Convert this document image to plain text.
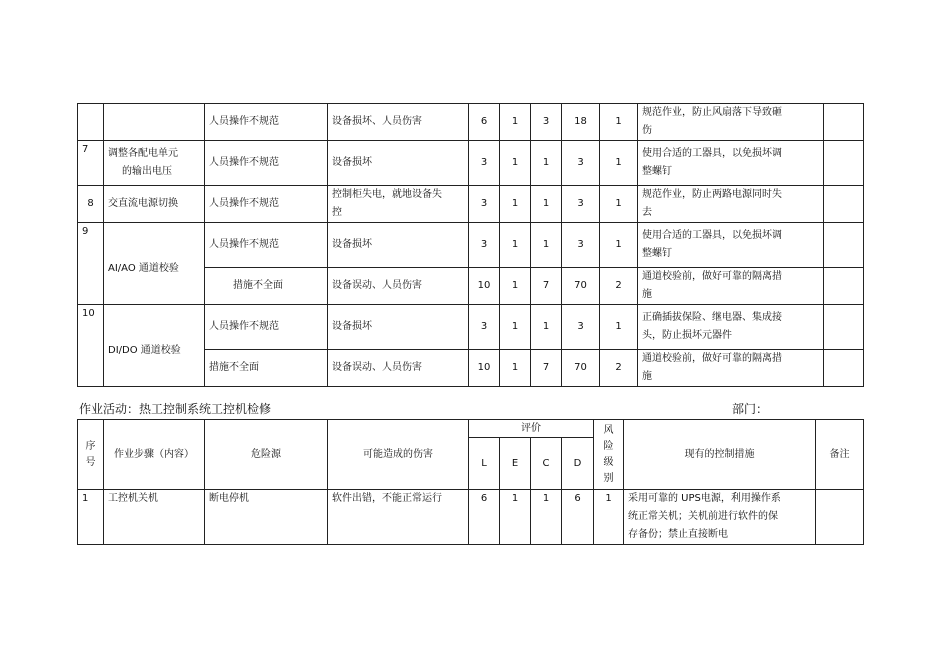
		人员操作不规范	设备损坏、人员伤害	6	1	3	18	1	规范作业，防止风扇落下导致砸
伤	

7	调整各配电单元
的输出电压	人员操作不规范	设备损坏	3	1	1	3	1	使用合适的工器具，以免损坏调
整螺钉	

8	交直流电源切换	人员操作不规范	控制柜失电，就地设备失
控	3	1	1	3	1	规范作业，防止两路电源同时失
去	

9	AI/AO 通道校验	人员操作不规范	设备损坏	3	1	1	3	1	使用合适的工器具，以免损坏调
整螺钉	

		措施不全面	设备误动、人员伤害	10	1	7	70	2	通道校验前，做好可靠的隔离措
施	

10	DI/DO 通道校验	人员操作不规范	设备损坏	3	1	1	3	1	正确插拔保险、继电器、集成接
头，防止损坏元器件	

		措施不全面	设备误动、人员伤害	10	1	7	70	2	通道校验前，做好可靠的隔离措
施	

作业活动：热工控制系统工控机检修	部门：
序
号	作业步骤（内容）	危险源	可能造成的伤害	评价				风
险
级
别	现有的控制措施	备注
				L	E	C	D			
1	工控机关机	断电停机	软件出错，不能正常运行	6	1	1	6	1	采用可靠的 UPS电源，利用操作系
统正常关机；关机前进行软件的保
存备份；禁止直接断电	
